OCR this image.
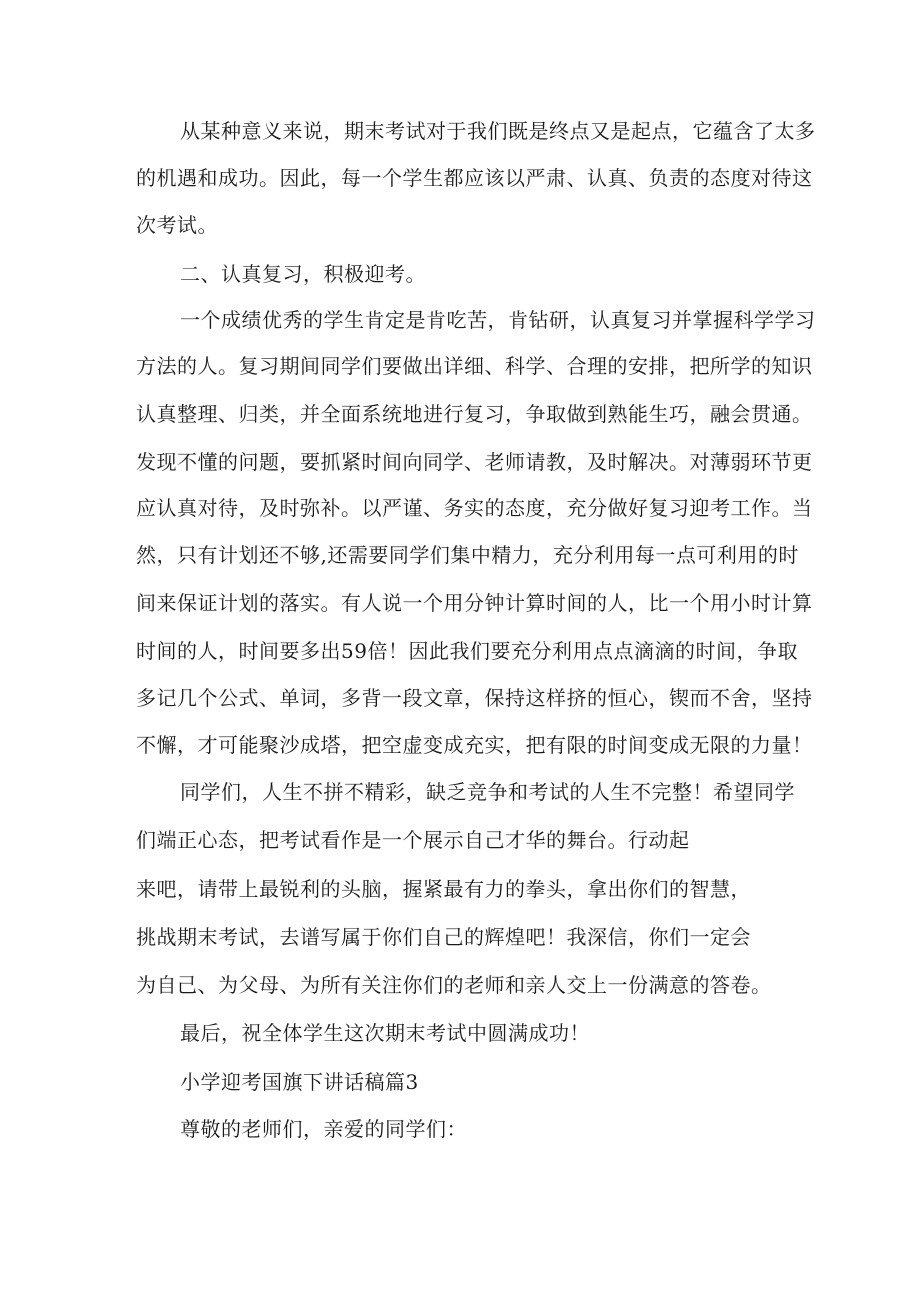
从某种意义来说，期末考试对于我们既是终点又是起点，它蕴含了太多
的机遇和成功。因此，每一个学生都应该以严肃、认真、负责的态度对待这
次考试。
二、认真复习，积极迎考。
一个成绩优秀的学生肯定是肯吃苦，肯钻研，认真复习并掌握科学学习
方法的人。复习期间同学们要做出详细、科学、合理的安排，把所学的知识
认真整理、归类，并全面系统地进行复习，争取做到熟能生巧，融会贯通。
发现不懂的问题，要抓紧时间向同学、老师请教，及时解决。对薄弱环节更
应认真对待，及时弥补。以严谨、务实的态度，充分做好复习迎考工作。当
然，只有计划还不够,还需要同学们集中精力，充分利用每一点可利用的时
间来保证计划的落实。有人说一个用分钟计算时间的人，比一个用小时计算
时间的人，时间要多出59倍！因此我们要充分利用点点滴滴的时间，争取
多记几个公式、单词，多背一段文章，保持这样挤的恒心，锲而不舍，坚持
不懈，才可能聚沙成塔，把空虚变成充实，把有限的时间变成无限的力量！
同学们，人生不拼不精彩，缺乏竞争和考试的人生不完整！希望同学
们端正心态，把考试看作是一个展示自己才华的舞台。行动起
来吧，请带上最锐利的头脑，握紧最有力的拳头，拿出你们的智慧，
挑战期末考试，去谱写属于你们自己的辉煌吧！我深信，你们一定会
为自己、为父母、为所有关注你们的老师和亲人交上一份满意的答卷。
最后，祝全体学生这次期末考试中圆满成功！
小学迎考国旗下讲话稿篇3
尊敬的老师们，亲爱的同学们：
